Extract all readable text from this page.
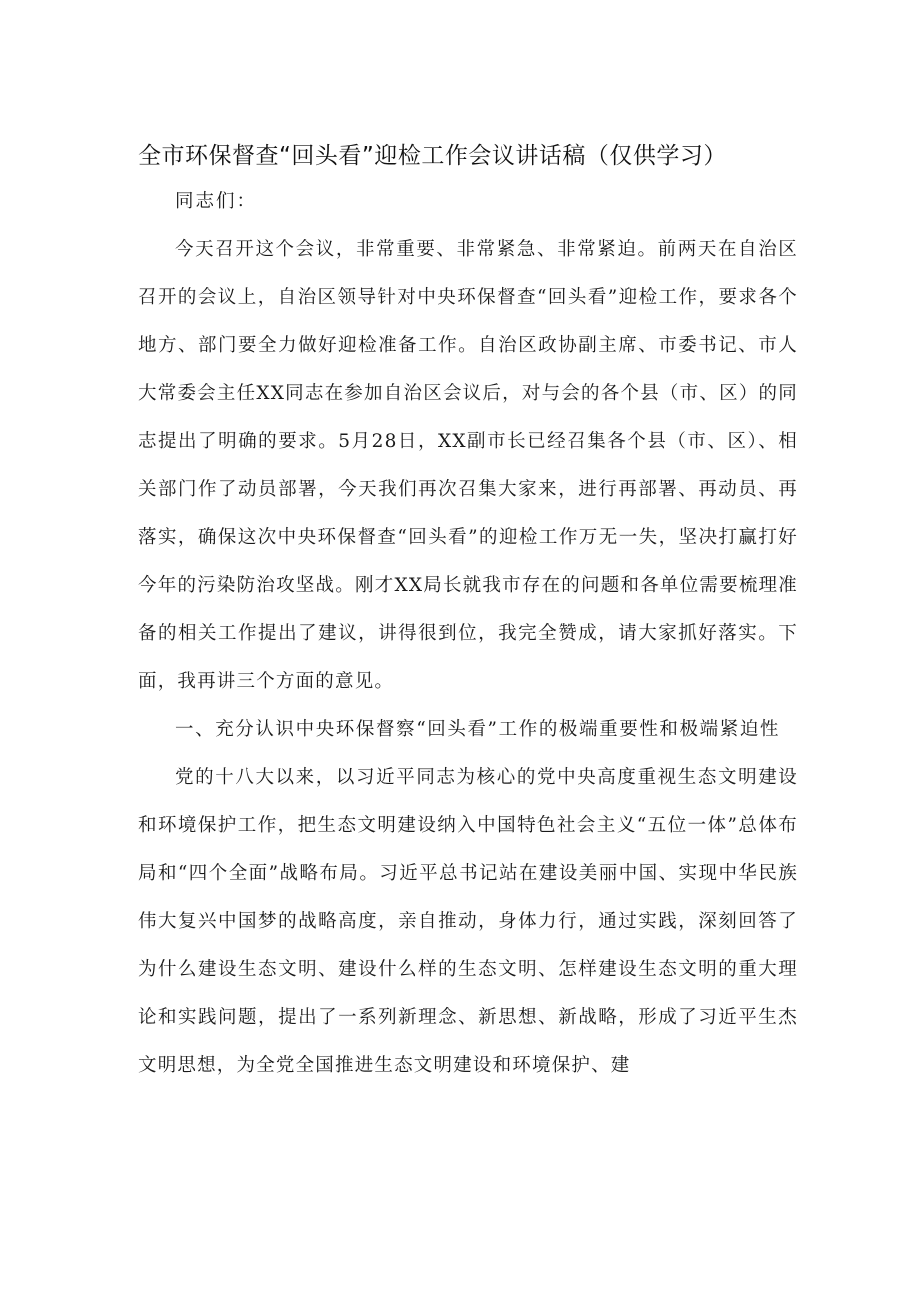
全市环保督查“回头看”迎检工作会议讲话稿（仅供学习）

同志们：

今天召开这个会议，非常重要、非常紧急、非常紧迫。前两天在自治区召开的会议上，自治区领导针对中央环保督查“回头看”迎检工作，要求各个地方、部门要全力做好迎检准备工作。自治区政协副主席、市委书记、市人大常委会主任XX同志在参加自治区会议后，对与会的各个县（市、区）的同志提出了明确的要求。5月28日，XX副市长已经召集各个县（市、区）、相关部门作了动员部署，今天我们再次召集大家来，进行再部署、再动员、再落实，确保这次中央环保督查“回头看”的迎检工作万无一失，坚决打赢打好今年的污染防治攻坚战。刚才XX局长就我市存在的问题和各单位需要梳理准备的相关工作提出了建议，讲得很到位，我完全赞成，请大家抓好落实。下面，我再讲三个方面的意见。

一、充分认识中央环保督察“回头看”工作的极端重要性和极端紧迫性

党的十八大以来，以习近平同志为核心的党中央高度重视生态文明建设和环境保护工作，把生态文明建设纳入中国特色社会主义“五位一体”总体布局和“四个全面”战略布局。习近平总书记站在建设美丽中国、实现中华民族伟大复兴中国梦的战略高度，亲自推动，身体力行，通过实践，深刻回答了为什么建设生态文明、建设什么样的生态文明、怎样建设生态文明的重大理论和实践问题，提出了一系列新理念、新思想、新战略，形成了习近平生杰文明思想，为全党全国推进生态文明建设和环境保护、建
